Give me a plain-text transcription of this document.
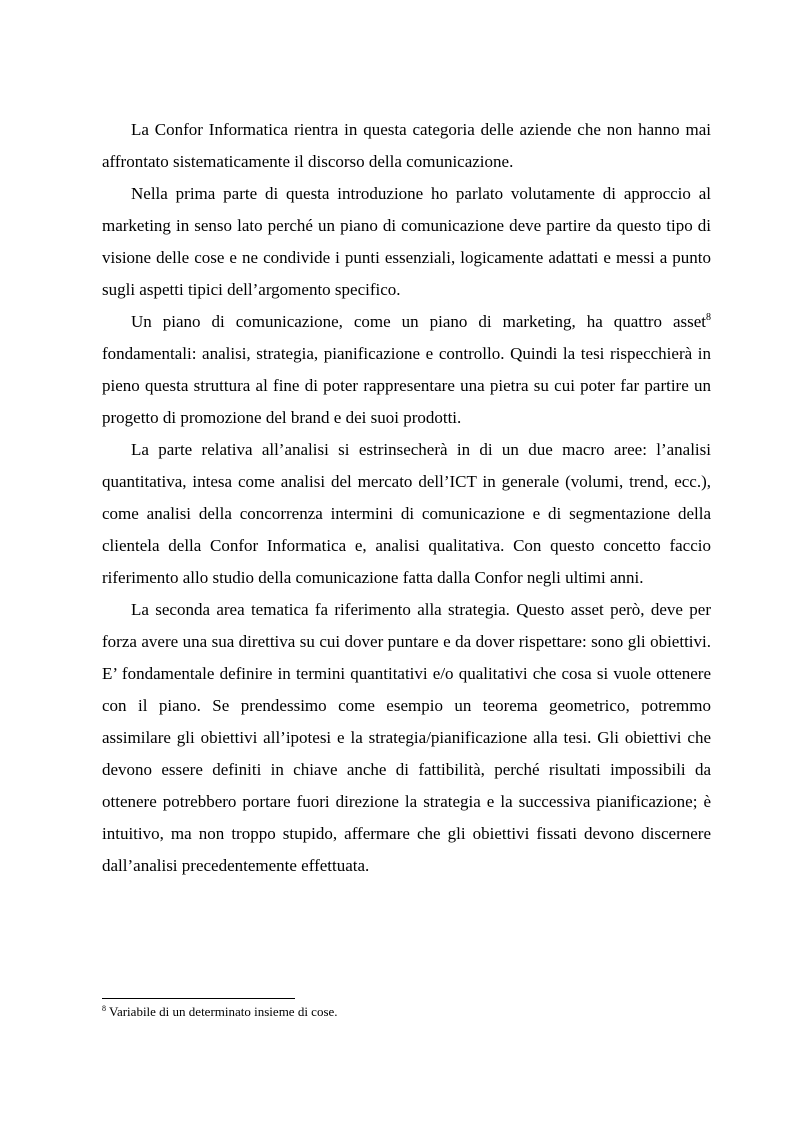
La Confor Informatica rientra in questa categoria delle aziende che non hanno mai affrontato sistematicamente il discorso della comunicazione.

Nella prima parte di questa introduzione ho parlato volutamente di approccio al marketing in senso lato perché un piano di comunicazione deve partire da questo tipo di visione delle cose e ne condivide i punti essenziali, logicamente adattati e messi a punto sugli aspetti tipici dell’argomento specifico.

Un piano di comunicazione, come un piano di marketing, ha quattro asset$^8$ fondamentali: analisi, strategia, pianificazione e controllo. Quindi la tesi rispecchierà in pieno questa struttura al fine di poter rappresentare una pietra su cui poter far partire un progetto di promozione del brand e dei suoi prodotti.

La parte relativa all’analisi si estrinsecherà in di un due macro aree: l’analisi quantitativa, intesa come analisi del mercato dell’ICT in generale (volumi, trend, ecc.), come analisi della concorrenza intermini di comunicazione e di segmentazione della clientela della Confor Informatica e, analisi qualitativa. Con questo concetto faccio riferimento allo studio della comunicazione fatta dalla Confor negli ultimi anni.

La seconda area tematica fa riferimento alla strategia. Questo asset però, deve per forza avere una sua direttiva su cui dover puntare e da dover rispettare: sono gli obiettivi. E’ fondamentale definire in termini quantitativi e/o qualitativi che cosa si vuole ottenere con il piano. Se prendessimo come esempio un teorema geometrico, potremmo assimilare gli obiettivi all’ipotesi e la strategia/pianificazione alla tesi. Gli obiettivi che devono essere definiti in chiave anche di fattibilità, perché risultati impossibili da ottenere potrebbero portare fuori direzione la strategia e la successiva pianificazione; è intuitivo, ma non troppo stupido, affermare che gli obiettivi fissati devono discernere dall’analisi precedentemente effettuata.

$^8$ Variabile di un determinato insieme di cose.
